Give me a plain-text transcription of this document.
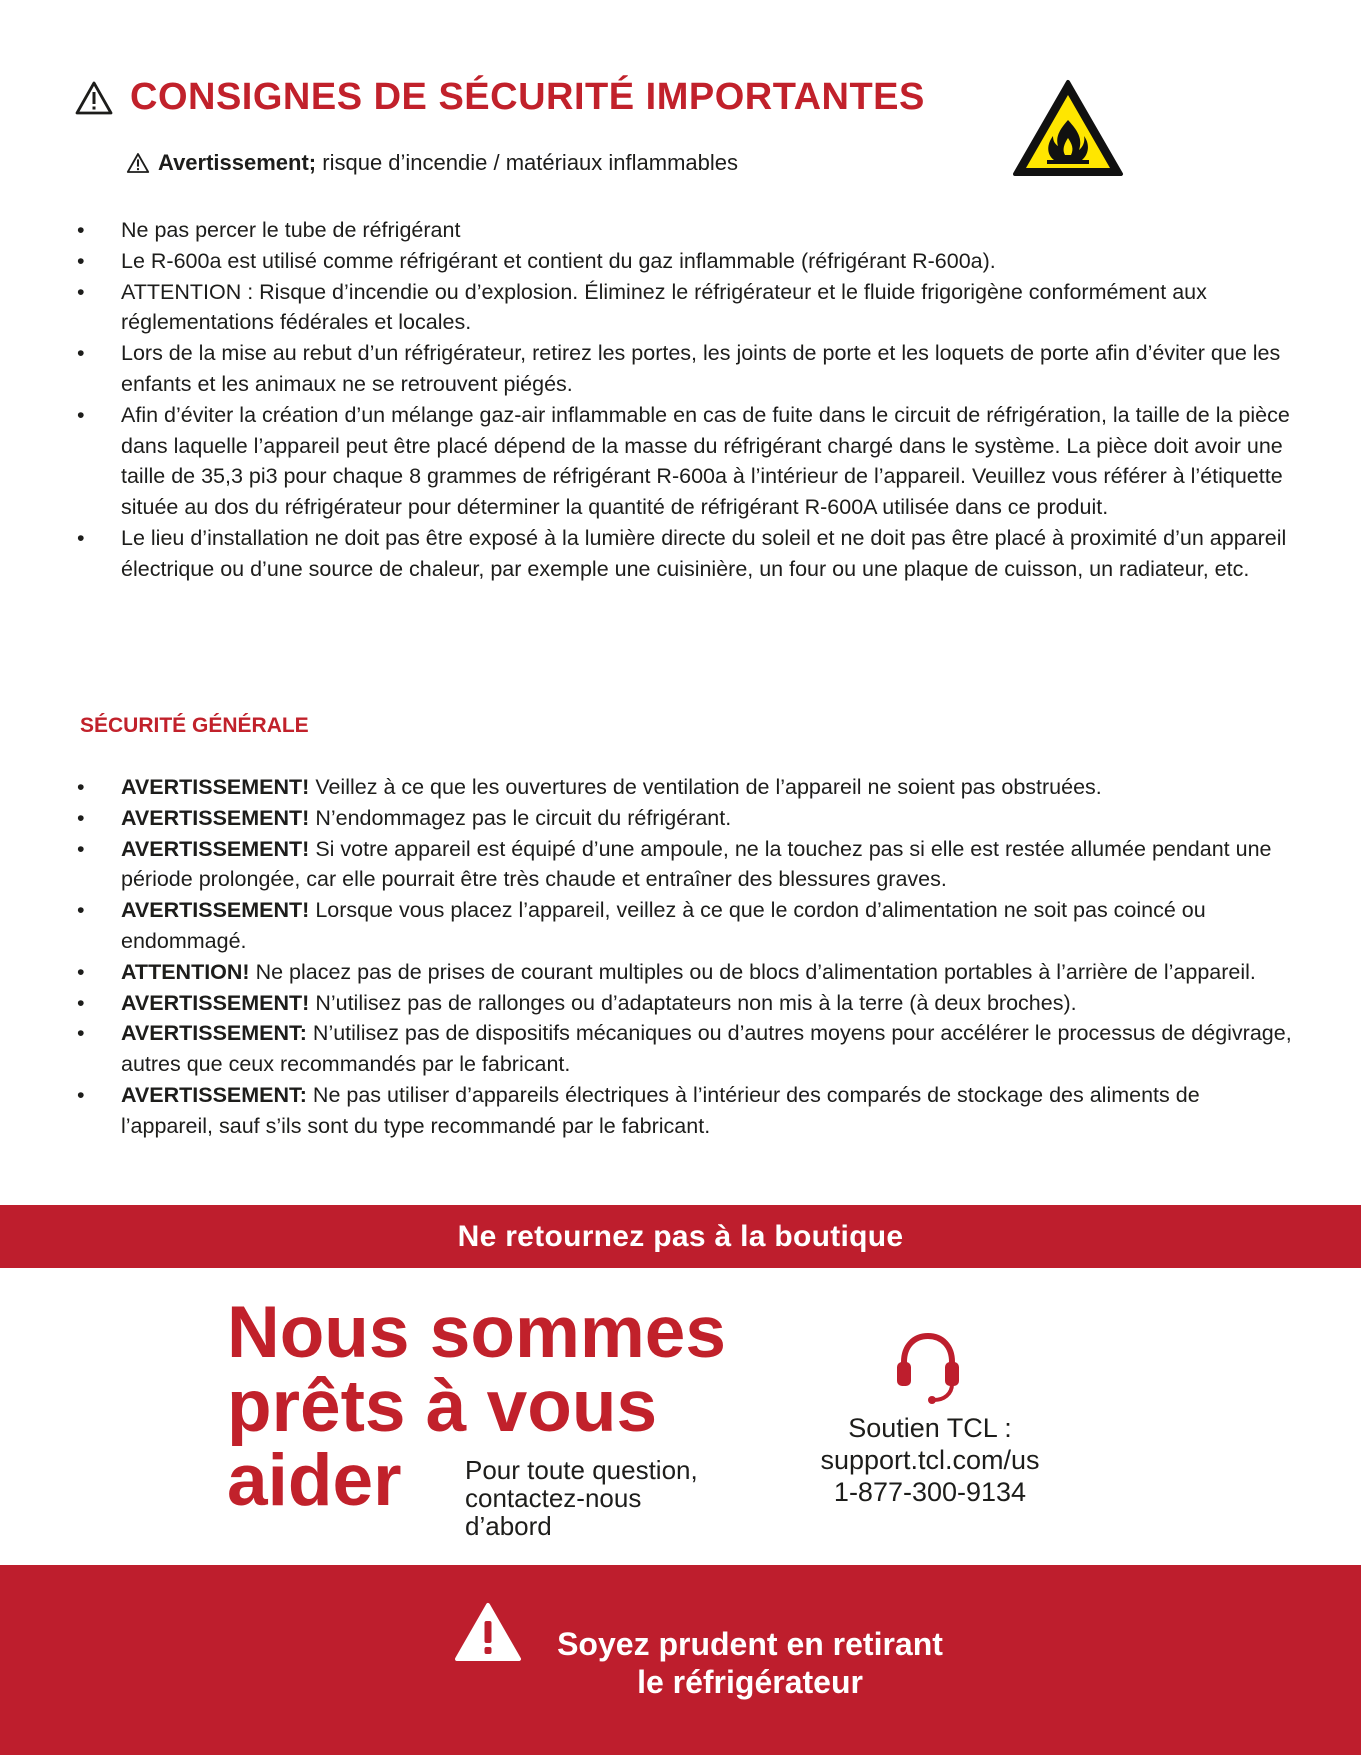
CONSIGNES DE SÉCURITÉ IMPORTANTES
Avertissement; risque d’incendie / matériaux inflammables
• Ne pas percer le tube de réfrigérant
• Le R-600a est utilisé comme réfrigérant et contient du gaz inflammable (réfrigérant R-600a).
• ATTENTION : Risque d’incendie ou d’explosion. Éliminez le réfrigérateur et le fluide frigorigène conformément aux réglementations fédérales et locales.
• Lors de la mise au rebut d’un réfrigérateur, retirez les portes, les joints de porte et les loquets de porte afin d’éviter que les enfants et les animaux ne se retrouvent piégés.
• Afin d’éviter la création d’un mélange gaz-air inflammable en cas de fuite dans le circuit de réfrigération, la taille de la pièce dans laquelle l’appareil peut être placé dépend de la masse du réfrigérant chargé dans le système. La pièce doit avoir une taille de 35,3 pi3 pour chaque 8 grammes de réfrigérant R-600a à l’intérieur de l’appareil. Veuillez vous référer à l’étiquette située au dos du réfrigérateur pour déterminer la quantité de réfrigérant R-600A utilisée dans ce produit.
• Le lieu d’installation ne doit pas être exposé à la lumière directe du soleil et ne doit pas être placé à proximité d’un appareil électrique ou d’une source de chaleur, par exemple une cuisinière, un four ou une plaque de cuisson, un radiateur, etc.
SÉCURITÉ GÉNÉRALE
• AVERTISSEMENT! Veillez à ce que les ouvertures de ventilation de l’appareil ne soient pas obstruées.
• AVERTISSEMENT! N’endommagez pas le circuit du réfrigérant.
• AVERTISSEMENT! Si votre appareil est équipé d’une ampoule, ne la touchez pas si elle est restée allumée pendant une période prolongée, car elle pourrait être très chaude et entraîner des blessures graves.
• AVERTISSEMENT! Lorsque vous placez l’appareil, veillez à ce que le cordon d’alimentation ne soit pas coincé ou endommagé.
• ATTENTION! Ne placez pas de prises de courant multiples ou de blocs d’alimentation portables à l’arrière de l’appareil.
• AVERTISSEMENT! N’utilisez pas de rallonges ou d’adaptateurs non mis à la terre (à deux broches).
• AVERTISSEMENT: N’utilisez pas de dispositifs mécaniques ou d’autres moyens pour accélérer le processus de dégivrage, autres que ceux recommandés par le fabricant.
• AVERTISSEMENT: Ne pas utiliser d’appareils électriques à l’intérieur des comparés de stockage des aliments de l’appareil, sauf s’ils sont du type recommandé par le fabricant.
Ne retournez pas à la boutique
Nous sommes
prêts à vous
aider Pour toute question,
contactez-nous
d’abord
Soutien TCL :
support.tcl.com/us
1-877-300-9134
Soyez prudent en retirant
le réfrigérateur
